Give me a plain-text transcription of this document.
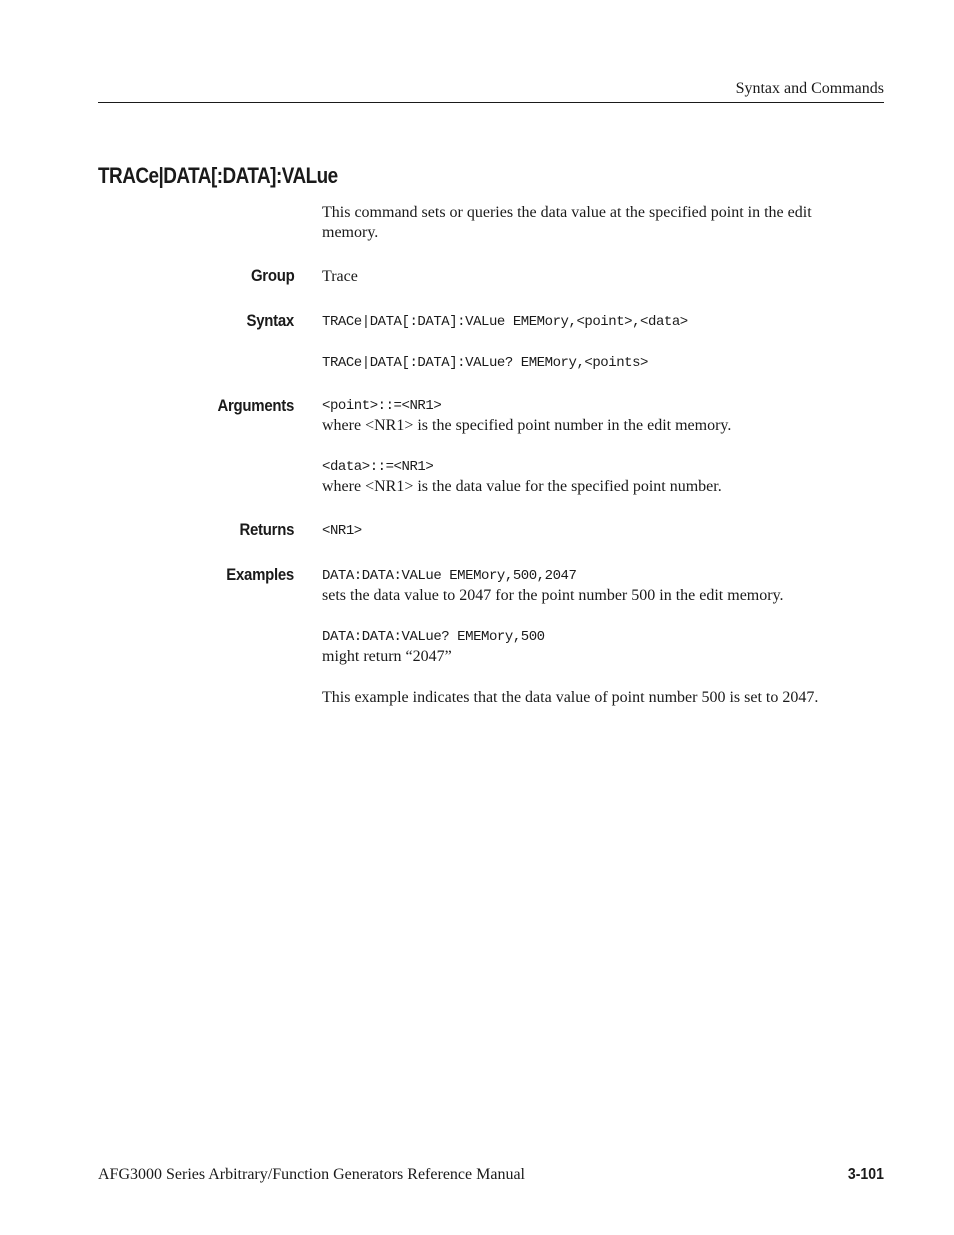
Syntax and Commands
TRACe|DATA[:DATA]:VALue
This command sets or queries the data value at the specified point in the edit memory.
Group Trace
Syntax TRACe|DATA[:DATA]:VALue EMEMory,<point>,<data>
TRACe|DATA[:DATA]:VALue? EMEMory,<points>
Arguments <point>::=<NR1>
where <NR1> is the specified point number in the edit memory.
<data>::=<NR1>
where <NR1> is the data value for the specified point number.
Returns <NR1>
Examples DATA:DATA:VALue EMEMory,500,2047
sets the data value to 2047 for the point number 500 in the edit memory.
DATA:DATA:VALue? EMEMory,500
might return “2047”
This example indicates that the data value of point number 500 is set to 2047.
AFG3000 Series Arbitrary/Function Generators Reference Manual	3-101
